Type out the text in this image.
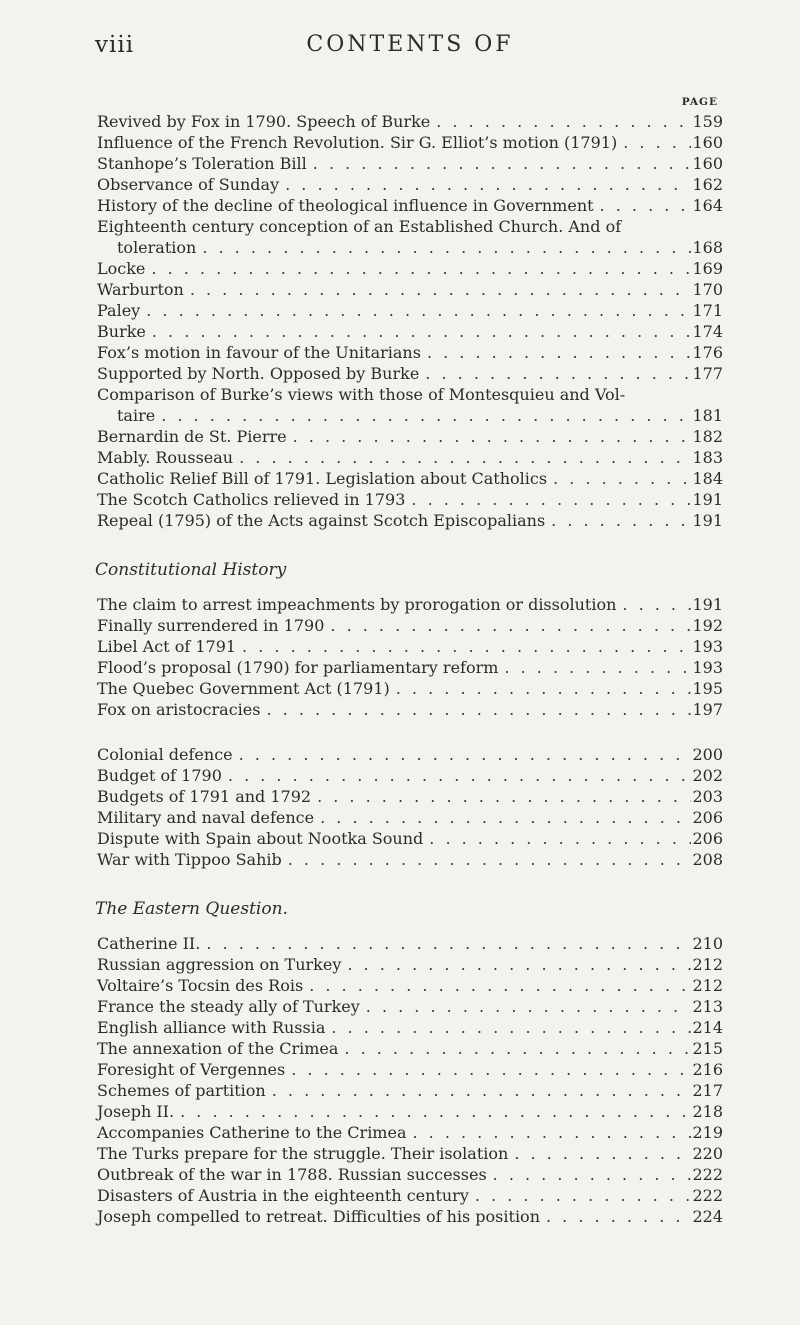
viii	CONTENTS OF
PAGE
Revived by Fox in 1790. Speech of Burke . . .	159
Influence of the French Revolution. Sir G. Elliot’s motion (1791) . . .	160
Stanhope’s Toleration Bill . . .	160
Observance of Sunday . . .	162
History of the decline of theological influence in Government . . .	164
Eighteenth century conception of an Established Church. And of
toleration . . .	168
Locke . . .	169
Warburton . . .	170
Paley . . .	171
Burke . . .	174
Fox’s motion in favour of the Unitarians . . .	176
Supported by North. Opposed by Burke . . .	177
Comparison of Burke’s views with those of Montesquieu and Vol-
taire . . .	181
Bernardin de St. Pierre . . .	182
Mably. Rousseau . . .	183
Catholic Relief Bill of 1791. Legislation about Catholics . . .	184
The Scotch Catholics relieved in 1793 . . .	191
Repeal (1795) of the Acts against Scotch Episcopalians . . .	191
Constitutional History
The claim to arrest impeachments by prorogation or dissolution . . .	191
Finally surrendered in 1790 . . .	192
Libel Act of 1791 . . .	193
Flood’s proposal (1790) for parliamentary reform . . .	193
The Quebec Government Act (1791) . . .	195
Fox on aristocracies . . .	197
Colonial defence . . .	200
Budget of 1790 . . .	202
Budgets of 1791 and 1792 . . .	203
Military and naval defence . . .	206
Dispute with Spain about Nootka Sound . . .	206
War with Tippoo Sahib . . .	208
The Eastern Question.
Catherine II. . . .	210
Russian aggression on Turkey . . .	212
Voltaire’s Tocsin des Rois . . .	212
France the steady ally of Turkey . . .	213
English alliance with Russia . . .	214
The annexation of the Crimea . . .	215
Foresight of Vergennes . . .	216
Schemes of partition . . .	217
Joseph II. . . .	218
Accompanies Catherine to the Crimea . . .	219
The Turks prepare for the struggle. Their isolation . . .	220
Outbreak of the war in 1788. Russian successes . . .	222
Disasters of Austria in the eighteenth century . . .	222
Joseph compelled to retreat. Difficulties of his position . . .	224
